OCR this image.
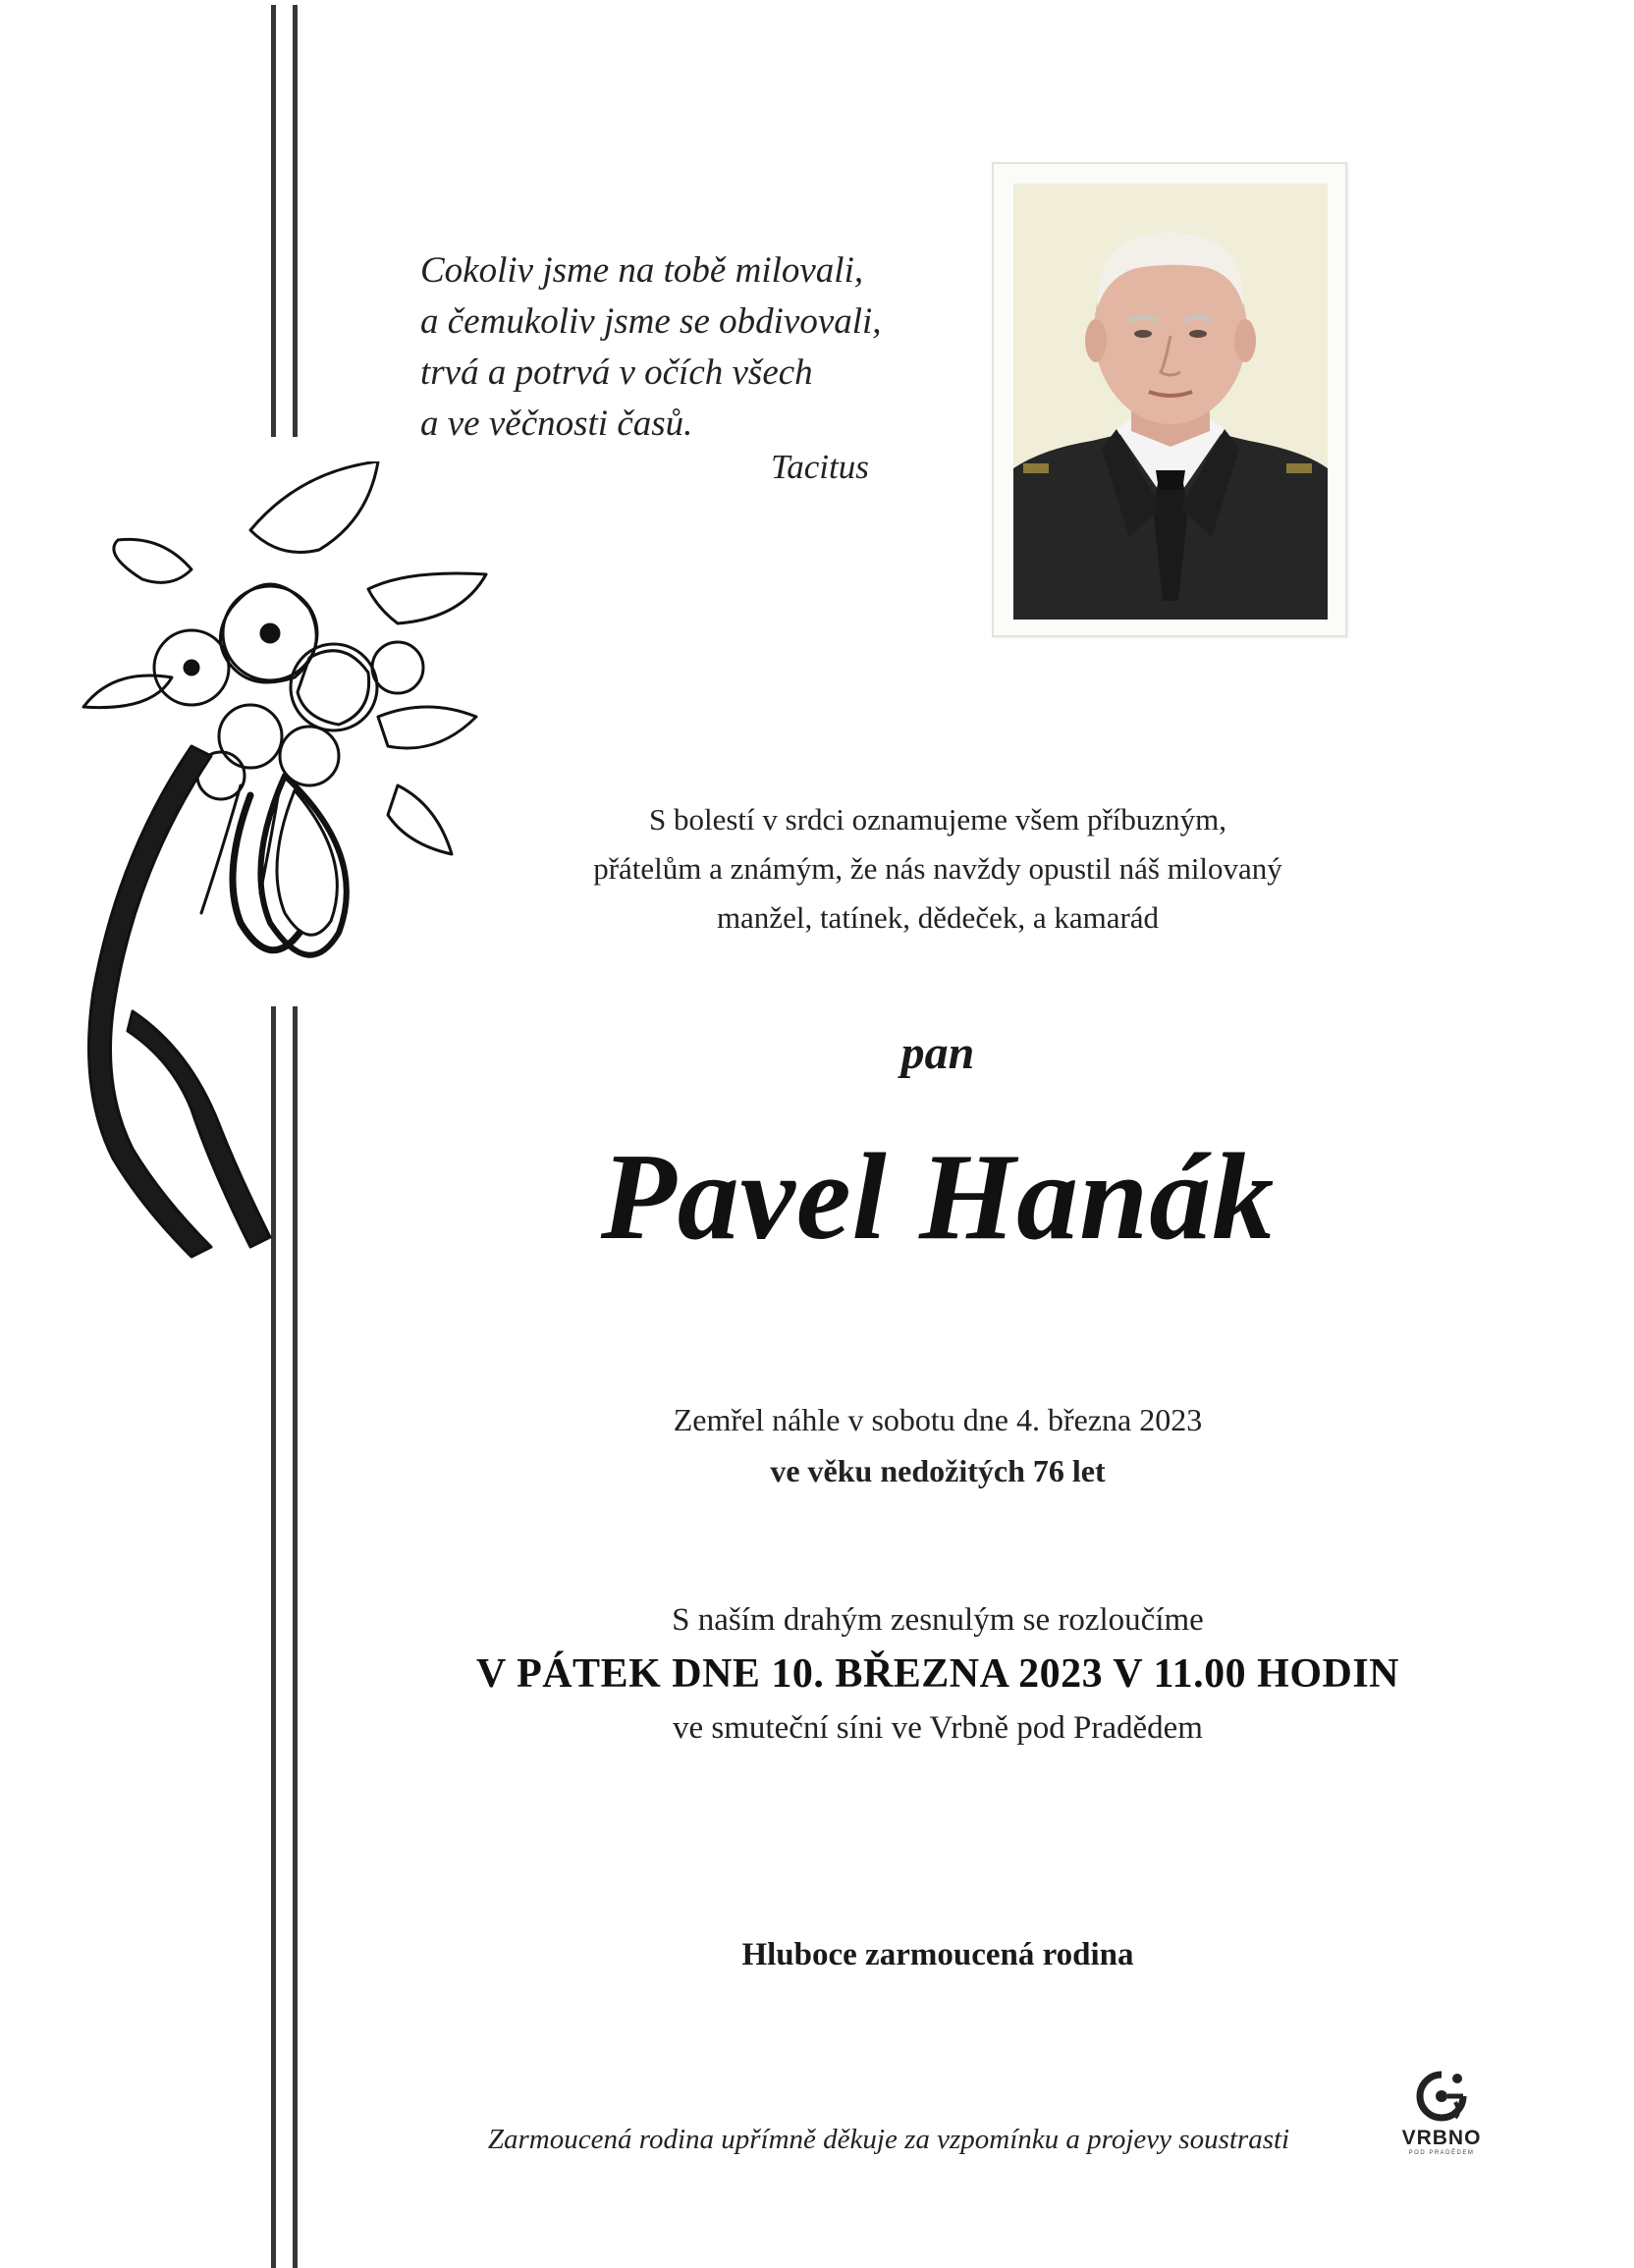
Cokoliv jsme na tobě milovali,
a čemukoliv jsme se obdivovali,
trvá a potrvá v očích všech
a ve věčnosti časů.
Tacitus
S bolestí v srdci oznamujeme všem příbuzným,
přátelům a známým, že nás navždy opustil náš milovaný
manžel, tatínek, dědeček, a kamarád
pan
Pavel Hanák
Zemřel náhle v sobotu dne 4. března 2023
ve věku nedožitých 76 let
S naším drahým zesnulým se rozloučíme
V PÁTEK DNE 10. BŘEZNA 2023 V 11.00 HODIN
ve smuteční síni ve Vrbně pod Pradědem
Hluboce zarmoucená rodina
Zarmoucená rodina upřímně děkuje za vzpomínku a projevy soustrasti	VRBNO
POD PRADĚDEM
